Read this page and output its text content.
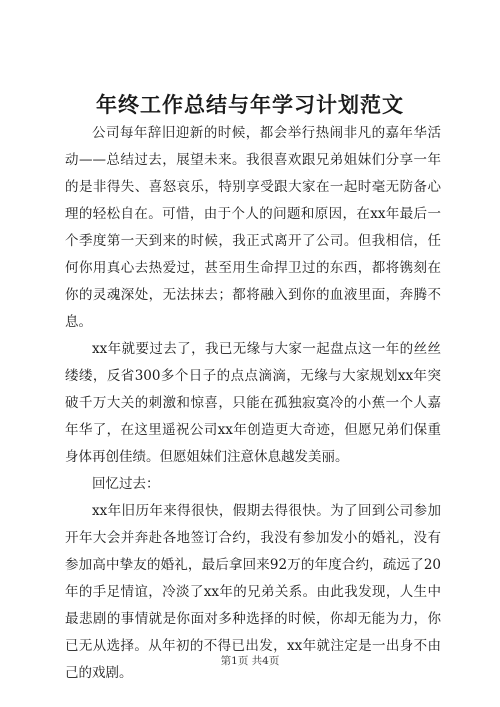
年终工作总结与年学习计划范文

公司每年辞旧迎新的时候，都会举行热闹非凡的嘉年华活动——总结过去，展望未来。我很喜欢跟兄弟姐妹们分享一年的是非得失、喜怒哀乐，特别享受跟大家在一起时毫无防备心理的轻松自在。可惜，由于个人的问题和原因，在xx年最后一个季度第一天到来的时候，我正式离开了公司。但我相信，任何你用真心去热爱过，甚至用生命捍卫过的东西，都将镌刻在你的灵魂深处，无法抹去；都将融入到你的血液里面，奔腾不息。

xx年就要过去了，我已无缘与大家一起盘点这一年的丝丝缕缕，反省300多个日子的点点滴滴，无缘与大家规划xx年突破千万大关的刺激和惊喜，只能在孤独寂寞冷的小蕉一个人嘉年华了，在这里遥祝公司xx年创造更大奇迹，但愿兄弟们保重身体再创佳绩。但愿姐妹们注意休息越发美丽。

回忆过去：

xx年旧历年来得很快，假期去得很快。为了回到公司参加开年大会并奔赴各地签订合约，我没有参加发小的婚礼，没有参加高中挚友的婚礼，最后拿回来92万的年度合约，疏远了20年的手足情谊，冷淡了xx年的兄弟关系。由此我发现，人生中最悲剧的事情就是你面对多种选择的时候，你却无能为力，你已无从选择。从年初的不得已出发，xx年就注定是一出身不由己的戏剧。

第1页 共4页
